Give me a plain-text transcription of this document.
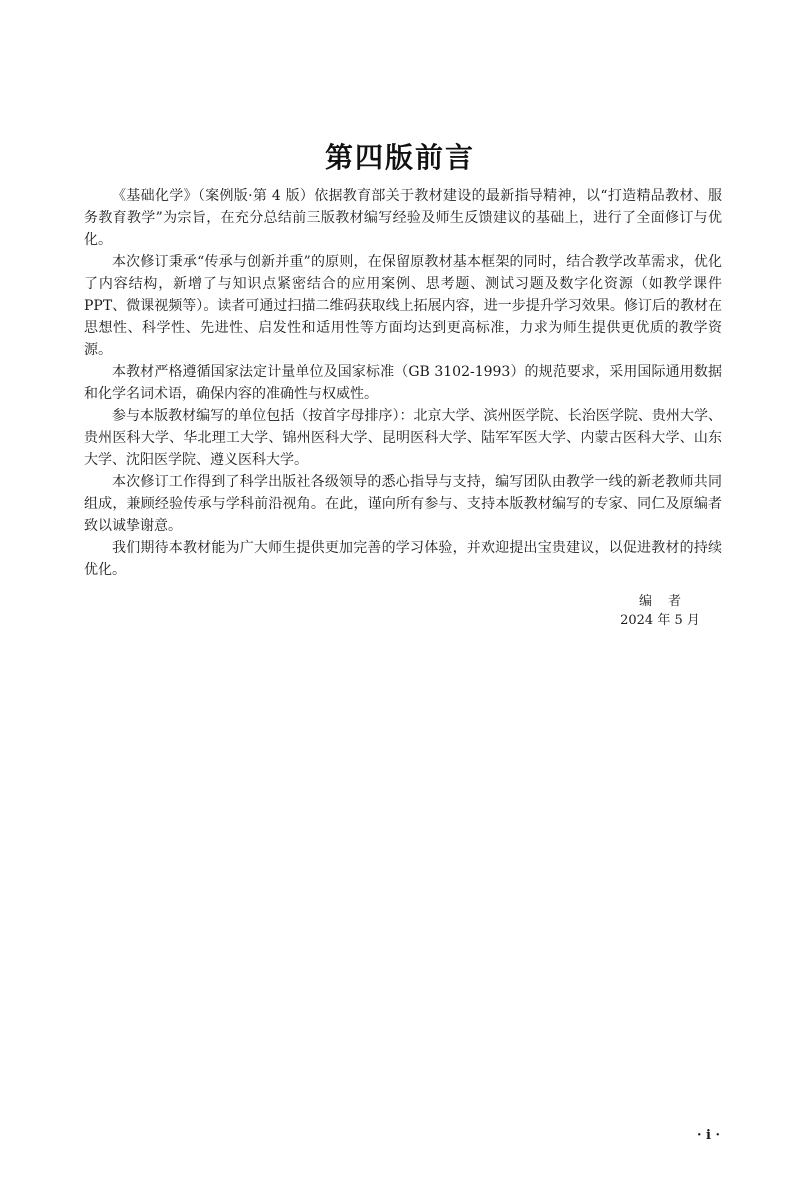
第四版前言

《基础化学》（案例版·第 4 版）依据教育部关于教材建设的最新指导精神，以“打造精品教材、服务教育教学”为宗旨，在充分总结前三版教材编写经验及师生反馈建议的基础上，进行了全面修订与优化。

本次修订秉承“传承与创新并重”的原则，在保留原教材基本框架的同时，结合教学改革需求，优化了内容结构，新增了与知识点紧密结合的应用案例、思考题、测试习题及数字化资源（如教学课件 PPT、微课视频等）。读者可通过扫描二维码获取线上拓展内容，进一步提升学习效果。修订后的教材在思想性、科学性、先进性、启发性和适用性等方面均达到更高标准，力求为师生提供更优质的教学资源。

本教材严格遵循国家法定计量单位及国家标准（GB 3102-1993）的规范要求，采用国际通用数据和化学名词术语，确保内容的准确性与权威性。

参与本版教材编写的单位包括（按首字母排序）：北京大学、滨州医学院、长治医学院、贵州大学、贵州医科大学、华北理工大学、锦州医科大学、昆明医科大学、陆军军医大学、内蒙古医科大学、山东大学、沈阳医学院、遵义医科大学。

本次修订工作得到了科学出版社各级领导的悉心指导与支持，编写团队由教学一线的新老教师共同组成，兼顾经验传承与学科前沿视角。在此，谨向所有参与、支持本版教材编写的专家、同仁及原编者致以诚挚谢意。

我们期待本教材能为广大师生提供更加完善的学习体验，并欢迎提出宝贵建议，以促进教材的持续优化。

编者
2024 年 5 月
· i ·
